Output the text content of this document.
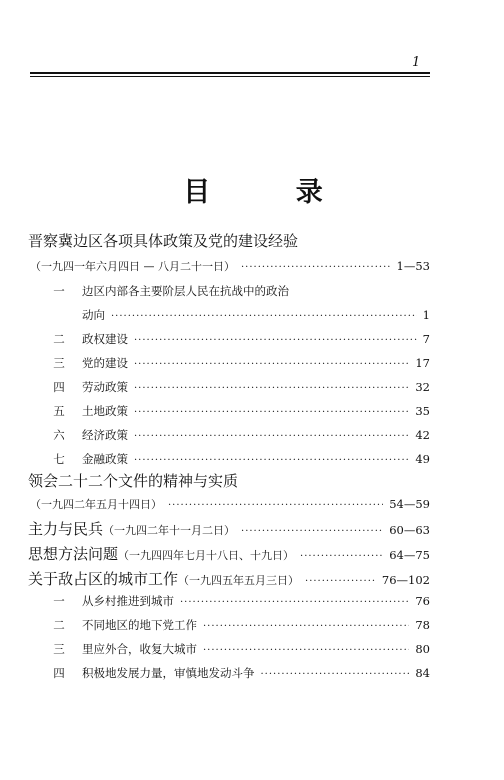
1
目 录
晋察冀边区各项具体政策及党的建设经验
（一九四一年六月四日 — 八月二十一日） ·····	1—53
一	边区内部各主要阶层人民在抗战中的政治
动向 ·····	1
二	政权建设 ·····	7
三	党的建设 ·····	17
四	劳动政策 ·····	32
五	土地政策 ·····	35
六	经济政策 ·····	42
七	金融政策 ·····	49
领会二十二个文件的精神与实质
（一九四二年五月十四日） ·····	54—59
主力与民兵 （一九四二年十一月二日） ·····	60—63
思想方法问题 （一九四四年七月十八日、十九日） ·····	64—75
关于敌占区的城市工作 （一九四五年五月三日） ·····	76—102
一	从乡村推进到城市 ·····	76
二	不同地区的地下党工作 ·····	78
三	里应外合，收复大城市 ·····	80
四	积极地发展力量，审慎地发动斗争 ·····	84
